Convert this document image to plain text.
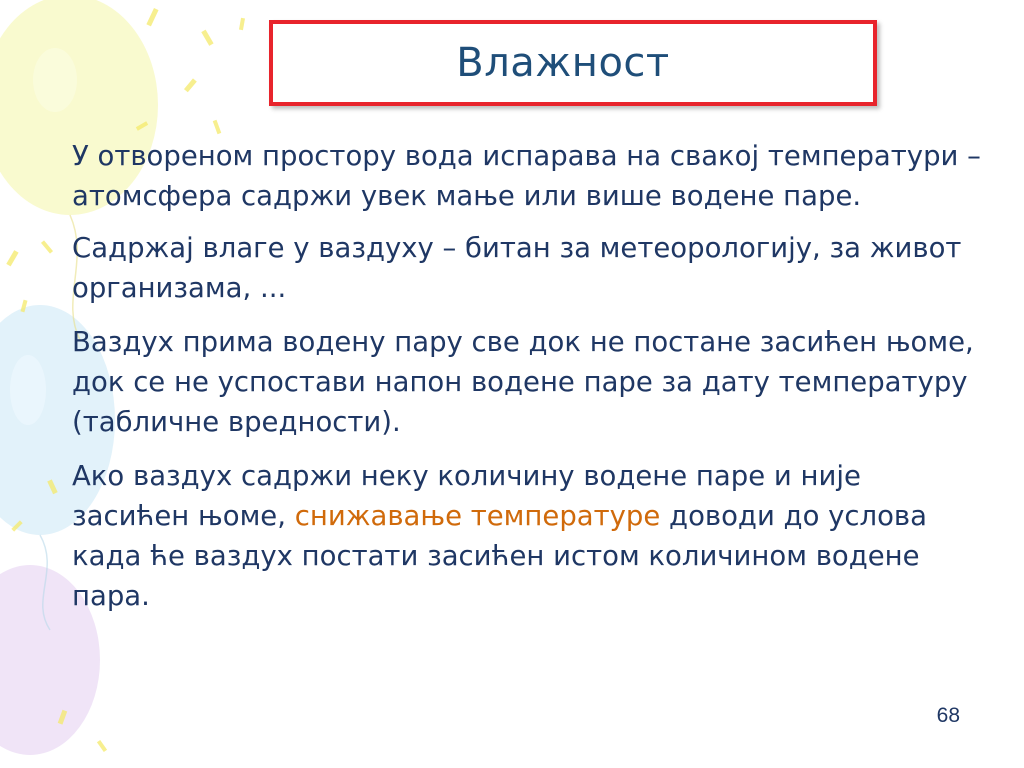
Влажност

У отвореном простору вода испарава на свакој температури – атомсфера садржи увек мање или више водене паре.

Садржај влаге у ваздуху – битан за метеорологију, за живот организама, ...

Ваздух прима водену пару све док не постане засићен њоме, док се не успостави напон водене паре за дату температуру (табличне вредности).

Ако ваздух садржи неку количину водене паре и није засићен њоме, снижавање температуре доводи до услова када ће ваздух постати засићен истом количином водене пара.

68
